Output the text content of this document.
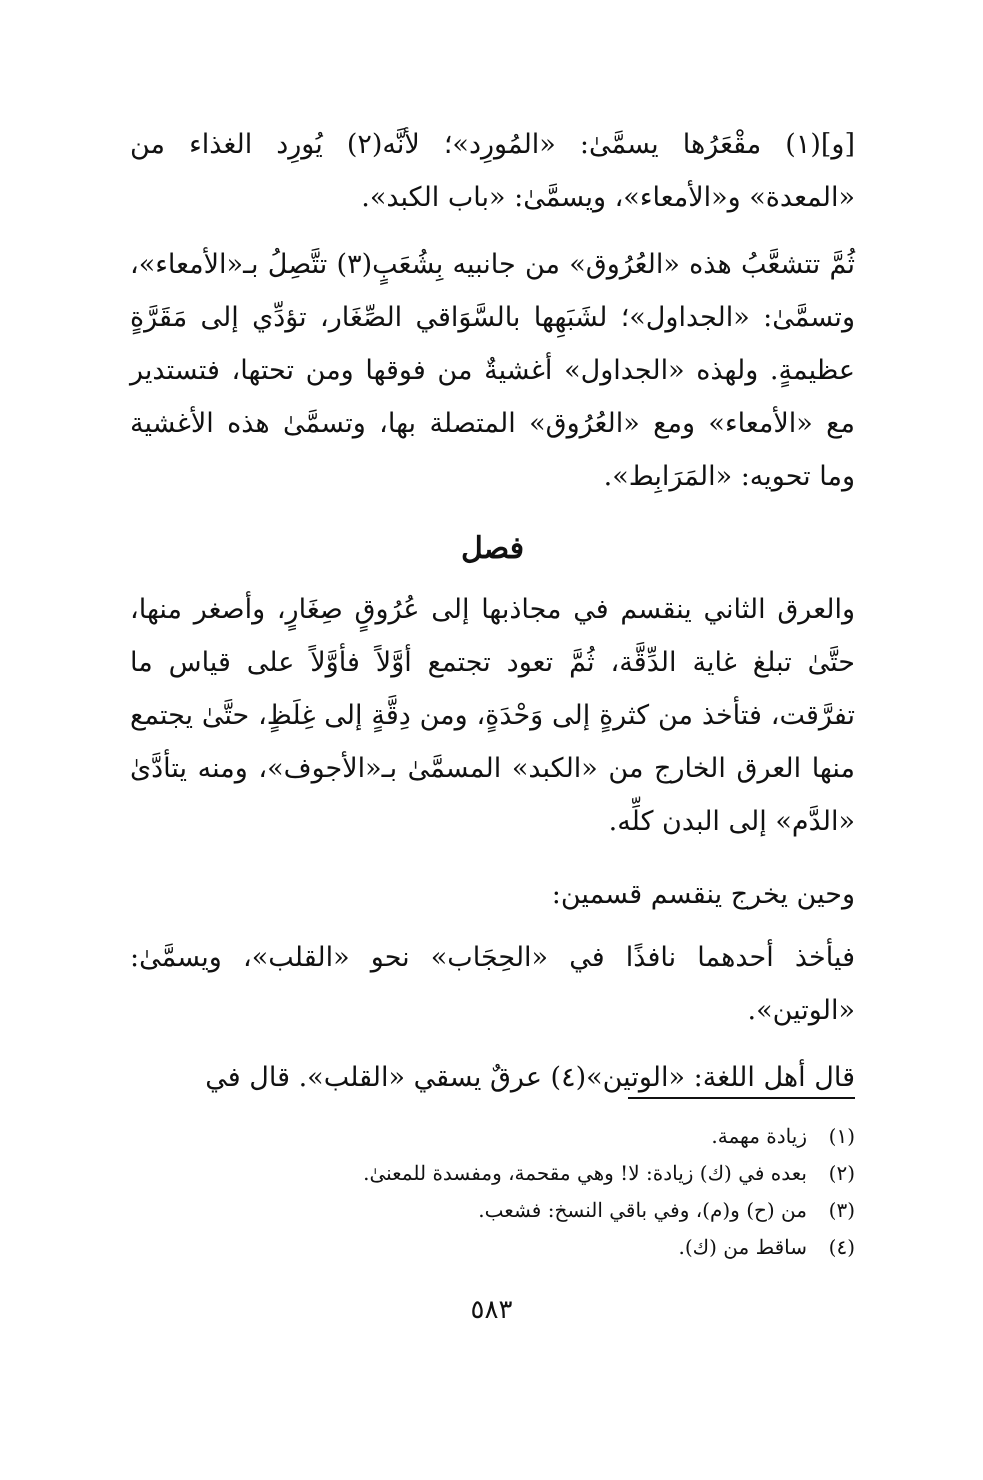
[و](١) مقْعَرُها يسمَّىٰ: «المُورِد»؛ لأنَّه(٢) يُورِد الغذاء من «المعدة» و«الأمعاء»، ويسمَّىٰ: «باب الكبد».

ثُمَّ تتشعَّبُ هذه «العُرُوق» من جانبيه بِشُعَبٍ(٣) تتَّصِلُ بـ«الأمعاء»، وتسمَّىٰ: «الجداول»؛ لشَبَهِها بالسَّوَاقي الصِّغَار، تؤدِّي إلى مَقَرَّةٍ عظيمةٍ. ولهذه «الجداول» أغشيةٌ من فوقها ومن تحتها، فتستدير مع «الأمعاء» ومع «العُرُوق» المتصلة بها، وتسمَّىٰ هذه الأغشية وما تحويه: «المَرَابِط».

فصل

والعرق الثاني ينقسم في مجاذبها إلى عُرُوقٍ صِغَارٍ، وأصغر منها، حتَّىٰ تبلغ غاية الدِّقَّة، ثُمَّ تعود تجتمع أوَّلاً فأوَّلاً على قياس ما تفرَّقت، فتأخذ من كثرةٍ إلى وَحْدَةٍ، ومن دِقَّةٍ إلى غِلَظٍ، حتَّىٰ يجتمع منها العرق الخارج من «الكبد» المسمَّىٰ بـ«الأجوف»، ومنه يتأدَّىٰ «الدَّم» إلى البدن كلِّه.

وحين يخرج ينقسم قسمين:

فيأخذ أحدهما نافذًا في «الحِجَاب» نحو «القلب»، ويسمَّىٰ: «الوتين».

قال أهل اللغة: «الوتين»(٤) عرقٌ يسقي «القلب». قال في

(١)زيادة مهمة.
(٢)بعده في (ك) زيادة: لا! وهي مقحمة، ومفسدة للمعنىٰ.
(٣)من (ح) و(م)، وفي باقي النسخ: فشعب.
(٤)ساقط من (ك).
٥٨٣
